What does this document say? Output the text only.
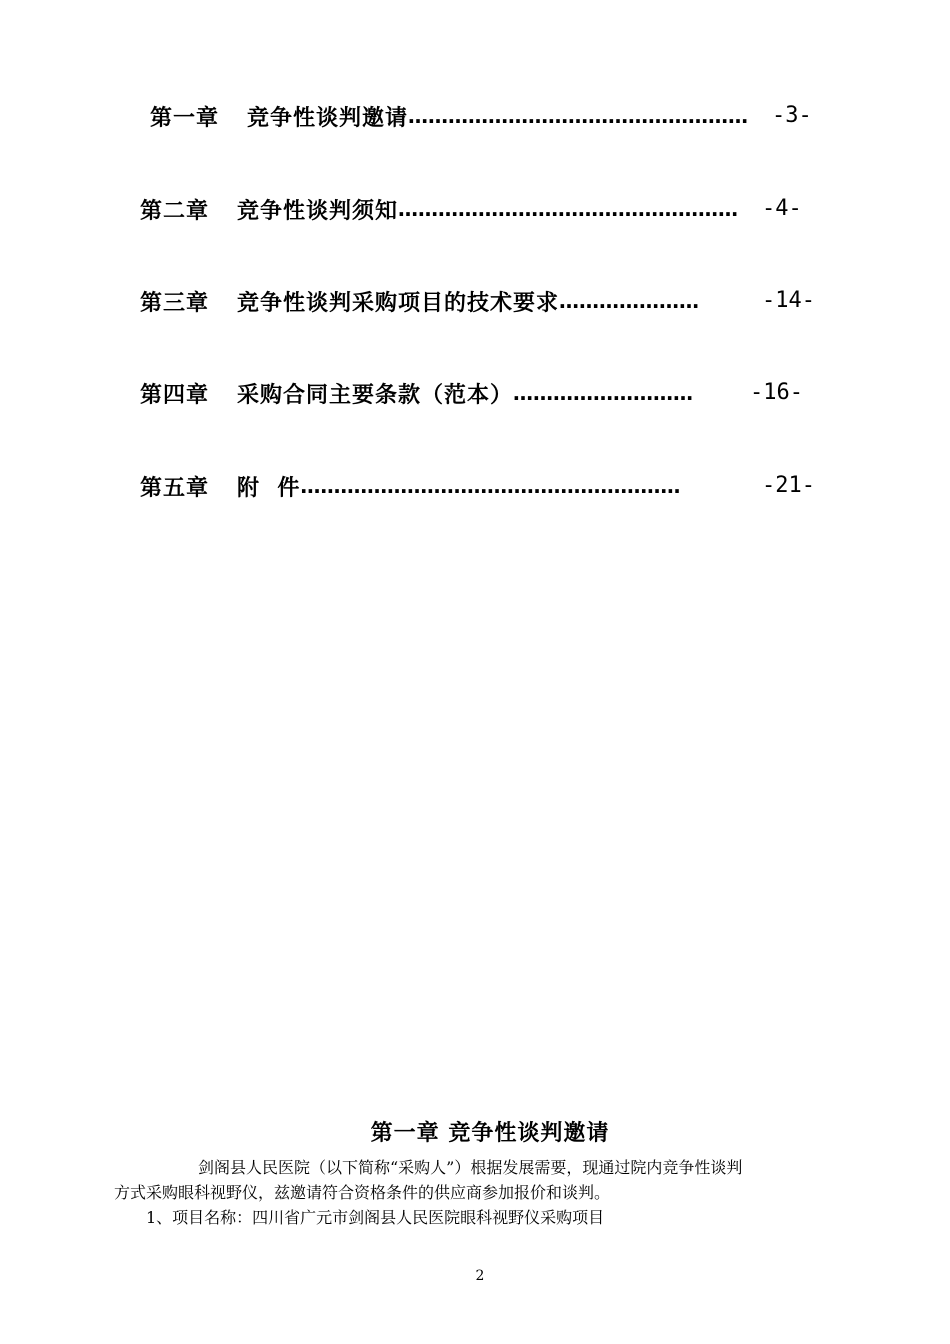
第一章 竞争性谈判邀请 …………………………………………… -3-
第二章 竞争性谈判须知 …………………………………………… -4-
第三章 竞争性谈判采购项目的技术要求 …………………	-14-
第四章 采购合同主要条款（范本） ………………………	-16-
第五章 附  件 …………………………………………………	-21-
第一章 竞争性谈判邀请
剑阁县人民医院（以下简称“采购人”）根据发展需要，现通过院内竞争性谈判
方式采购眼科视野仪，兹邀请符合资格条件的供应商参加报价和谈判。
1、项目名称：四川省广元市剑阁县人民医院眼科视野仪采购项目
2
